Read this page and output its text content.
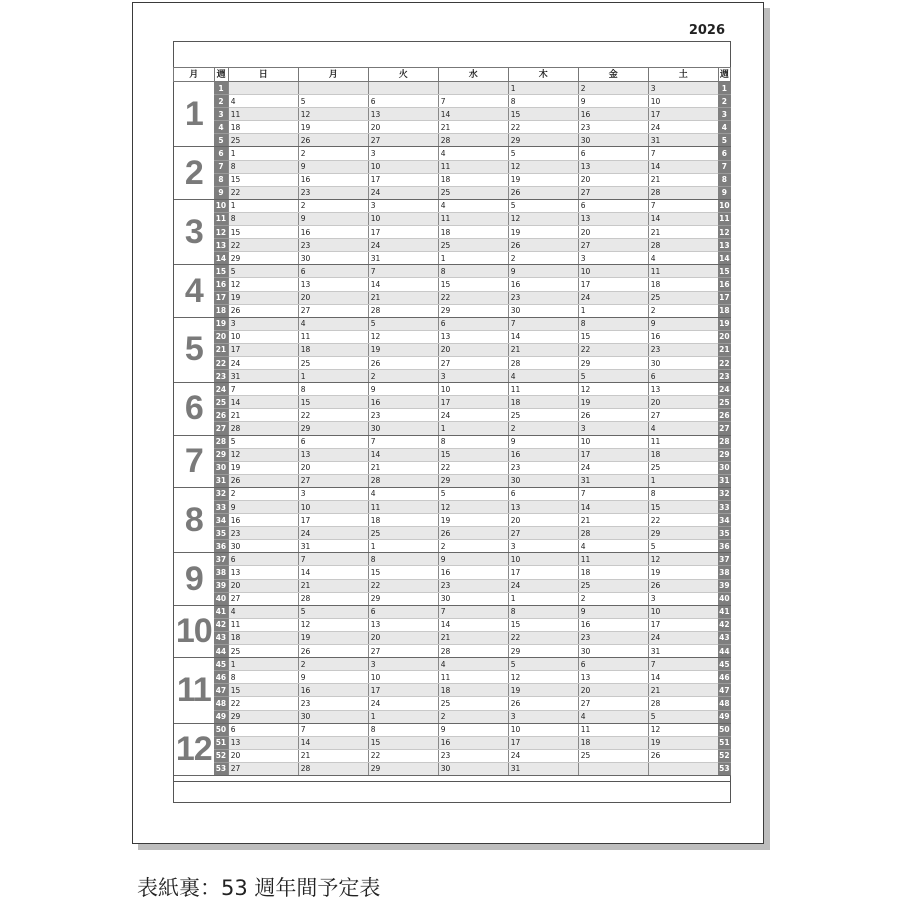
2026
月	週	日	月	火	水	木	金	土	週
1	1					1	2	3	1
	2	4	5	6	7	8	9	10	2
	3	11	12	13	14	15	16	17	3
	4	18	19	20	21	22	23	24	4
	5	25	26	27	28	29	30	31	5
2	6	1	2	3	4	5	6	7	6
	7	8	9	10	11	12	13	14	7
	8	15	16	17	18	19	20	21	8
	9	22	23	24	25	26	27	28	9
3	10	1	2	3	4	5	6	7	10
	11	8	9	10	11	12	13	14	11
	12	15	16	17	18	19	20	21	12
	13	22	23	24	25	26	27	28	13
	14	29	30	31	1	2	3	4	14
4	15	5	6	7	8	9	10	11	15
	16	12	13	14	15	16	17	18	16
	17	19	20	21	22	23	24	25	17
	18	26	27	28	29	30	1	2	18
5	19	3	4	5	6	7	8	9	19
	20	10	11	12	13	14	15	16	20
	21	17	18	19	20	21	22	23	21
	22	24	25	26	27	28	29	30	22
	23	31	1	2	3	4	5	6	23
6	24	7	8	9	10	11	12	13	24
	25	14	15	16	17	18	19	20	25
	26	21	22	23	24	25	26	27	26
	27	28	29	30	1	2	3	4	27
7	28	5	6	7	8	9	10	11	28
	29	12	13	14	15	16	17	18	29
	30	19	20	21	22	23	24	25	30
	31	26	27	28	29	30	31	1	31
8	32	2	3	4	5	6	7	8	32
	33	9	10	11	12	13	14	15	33
	34	16	17	18	19	20	21	22	34
	35	23	24	25	26	27	28	29	35
	36	30	31	1	2	3	4	5	36
9	37	6	7	8	9	10	11	12	37
	38	13	14	15	16	17	18	19	38
	39	20	21	22	23	24	25	26	39
	40	27	28	29	30	1	2	3	40
10	41	4	5	6	7	8	9	10	41
	42	11	12	13	14	15	16	17	42
	43	18	19	20	21	22	23	24	43
	44	25	26	27	28	29	30	31	44
11	45	1	2	3	4	5	6	7	45
	46	8	9	10	11	12	13	14	46
	47	15	16	17	18	19	20	21	47
	48	22	23	24	25	26	27	28	48
	49	29	30	1	2	3	4	5	49
12	50	6	7	8	9	10	11	12	50
	51	13	14	15	16	17	18	19	51
	52	20	21	22	23	24	25	26	52
	53	27	28	29	30	31			53
表紙裏：53 週年間予定表
